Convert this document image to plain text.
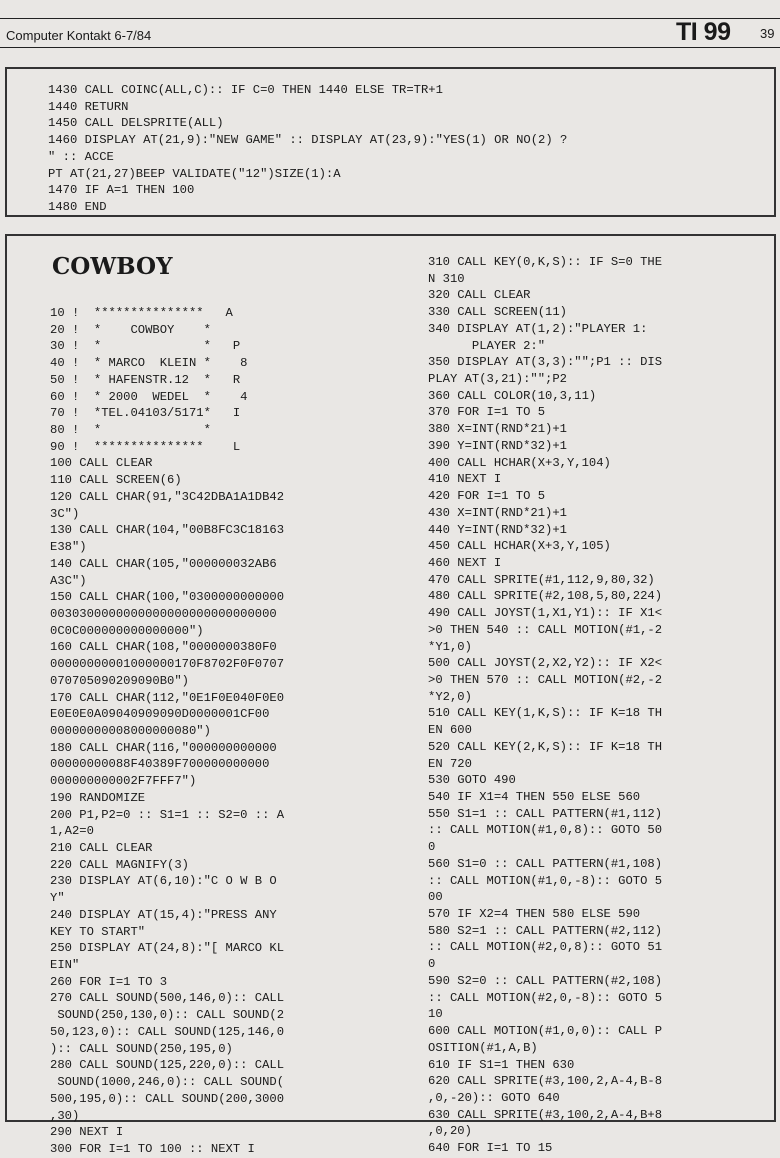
Computer Kontakt 6-7/84	TI 99 39
1430 CALL COINC(ALL,C):: IF C=0 THEN 1440 ELSE TR=TR+1
1440 RETURN
1450 CALL DELSPRITE(ALL)
1460 DISPLAY AT(21,9):"NEW GAME" :: DISPLAY AT(23,9):"YES(1) OR NO(2) ?
" :: ACCE
PT AT(21,27)BEEP VALIDATE("12")SIZE(1):A
1470 IF A=1 THEN 100
1480 END
COWBOY
10 !  ***************   A
20 !  *    COWBOY    *
30 !  *              *   P
40 !  * MARCO  KLEIN *    8
50 !  * HAFENSTR.12  *   R
60 !  * 2000  WEDEL  *    4
70 !  *TEL.04103/5171*   I
80 !  *              *
90 !  ***************    L
100 CALL CLEAR
110 CALL SCREEN(6)
120 CALL CHAR(91,"3C42DBA1A1DB42
3C")
130 CALL CHAR(104,"00B8FC3C18163
E38")
140 CALL CHAR(105,"000000032AB6
A3C")
150 CALL CHAR(100,"0300000000000
0030300000000000000000000000000
0C0C000000000000000")
160 CALL CHAR(108,"0000000380F0
00000000001000000170F8702F0F0707
070705090209090B0")
170 CALL CHAR(112,"0E1F0E040F0E0
E0E0E0A09040909090D0000001CF00
00000000008000000080")
180 CALL CHAR(116,"000000000000
00000000088F40389F700000000000
000000000002F7FFF7")
190 RANDOMIZE
200 P1,P2=0 :: S1=1 :: S2=0 :: A
1,A2=0
210 CALL CLEAR
220 CALL MAGNIFY(3)
230 DISPLAY AT(6,10):"C O W B O
Y"
240 DISPLAY AT(15,4):"PRESS ANY
KEY TO START"
250 DISPLAY AT(24,8):"[ MARCO KL
EIN"
260 FOR I=1 TO 3
270 CALL SOUND(500,146,0):: CALL
SOUND(250,130,0):: CALL SOUND(2
50,123,0):: CALL SOUND(125,146,0
):: CALL SOUND(250,195,0)
280 CALL SOUND(125,220,0):: CALL
SOUND(1000,246,0):: CALL SOUND(
500,195,0):: CALL SOUND(200,3000
,30)
290 NEXT I
300 FOR I=1 TO 100 :: NEXT I
310 CALL KEY(0,K,S):: IF S=0 THE
N 310
320 CALL CLEAR
330 CALL SCREEN(11)
340 DISPLAY AT(1,2):"PLAYER 1:
PLAYER 2:"
350 DISPLAY AT(3,3):"";P1 :: DIS
PLAY AT(3,21):"";P2
360 CALL COLOR(10,3,11)
370 FOR I=1 TO 5
380 X=INT(RND*21)+1
390 Y=INT(RND*32)+1
400 CALL HCHAR(X+3,Y,104)
410 NEXT I
420 FOR I=1 TO 5
430 X=INT(RND*21)+1
440 Y=INT(RND*32)+1
450 CALL HCHAR(X+3,Y,105)
460 NEXT I
470 CALL SPRITE(#1,112,9,80,32)
480 CALL SPRITE(#2,108,5,80,224)
490 CALL JOYST(1,X1,Y1):: IF X1<
>0 THEN 540 :: CALL MOTION(#1,-2
*Y1,0)
500 CALL JOYST(2,X2,Y2):: IF X2<
>0 THEN 570 :: CALL MOTION(#2,-2
*Y2,0)
510 CALL KEY(1,K,S):: IF K=18 TH
EN 600
520 CALL KEY(2,K,S):: IF K=18 TH
EN 720
530 GOTO 490
540 IF X1=4 THEN 550 ELSE 560
550 S1=1 :: CALL PATTERN(#1,112)
:: CALL MOTION(#1,0,8):: GOTO 50
0
560 S1=0 :: CALL PATTERN(#1,108)
:: CALL MOTION(#1,0,-8):: GOTO 5
00
570 IF X2=4 THEN 580 ELSE 590
580 S2=1 :: CALL PATTERN(#2,112)
:: CALL MOTION(#2,0,8):: GOTO 51
0
590 S2=0 :: CALL PATTERN(#2,108)
:: CALL MOTION(#2,0,-8):: GOTO 5
10
600 CALL MOTION(#1,0,0):: CALL P
OSITION(#1,A,B)
610 IF S1=1 THEN 630
620 CALL SPRITE(#3,100,2,A-4,B-8
,0,-20):: GOTO 640
630 CALL SPRITE(#3,100,2,A-4,B+8
,0,20)
640 FOR I=1 TO 15
